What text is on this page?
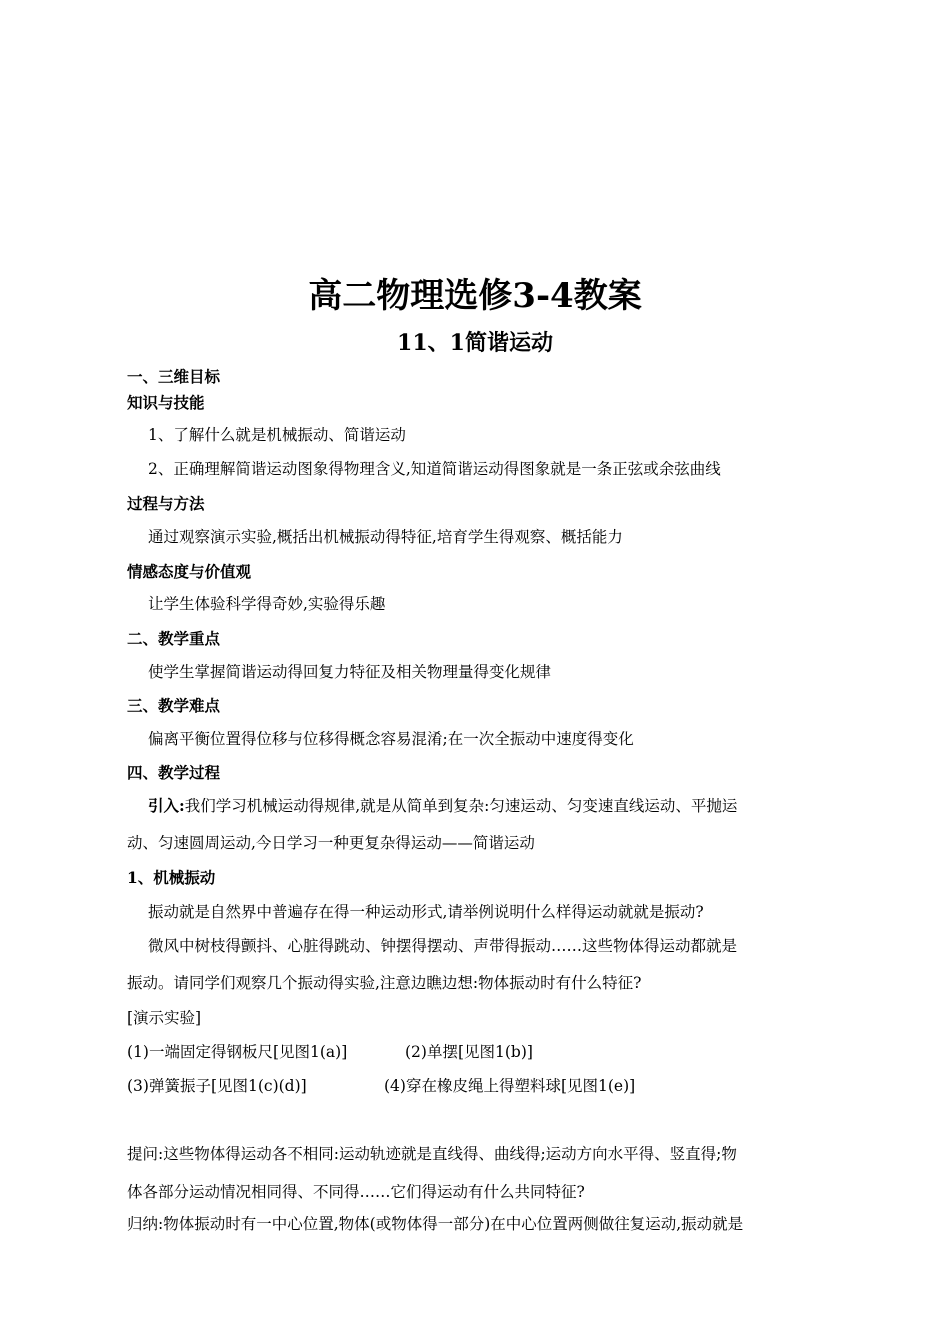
高二物理选修3-4教案
11、1简谐运动
一、三维目标
知识与技能
1、了解什么就是机械振动、简谐运动
2、正确理解简谐运动图象得物理含义,知道简谐运动得图象就是一条正弦或余弦曲线
过程与方法
通过观察演示实验,概括出机械振动得特征,培育学生得观察、概括能力
情感态度与价值观
让学生体验科学得奇妙,实验得乐趣
二、教学重点
使学生掌握简谐运动得回复力特征及相关物理量得变化规律
三、教学难点
偏离平衡位置得位移与位移得概念容易混淆;在一次全振动中速度得变化
四、教学过程
引入:我们学习机械运动得规律,就是从简单到复杂:匀速运动、匀变速直线运动、平抛运
动、匀速圆周运动,今日学习一种更复杂得运动——简谐运动
1、机械振动
振动就是自然界中普遍存在得一种运动形式,请举例说明什么样得运动就就是振动?
微风中树枝得颤抖、心脏得跳动、钟摆得摆动、声带得振动……这些物体得运动都就是
振动。请同学们观察几个振动得实验,注意边瞧边想:物体振动时有什么特征?
[演示实验]
(1)一端固定得钢板尺[见图1(a)]	(2)单摆[见图1(b)]
(3)弹簧振子[见图1(c)(d)]	(4)穿在橡皮绳上得塑料球[见图1(e)]
提问:这些物体得运动各不相同:运动轨迹就是直线得、曲线得;运动方向水平得、竖直得;物
体各部分运动情况相同得、不同得……它们得运动有什么共同特征?
归纳:物体振动时有一中心位置,物体(或物体得一部分)在中心位置两侧做往复运动,振动就是
